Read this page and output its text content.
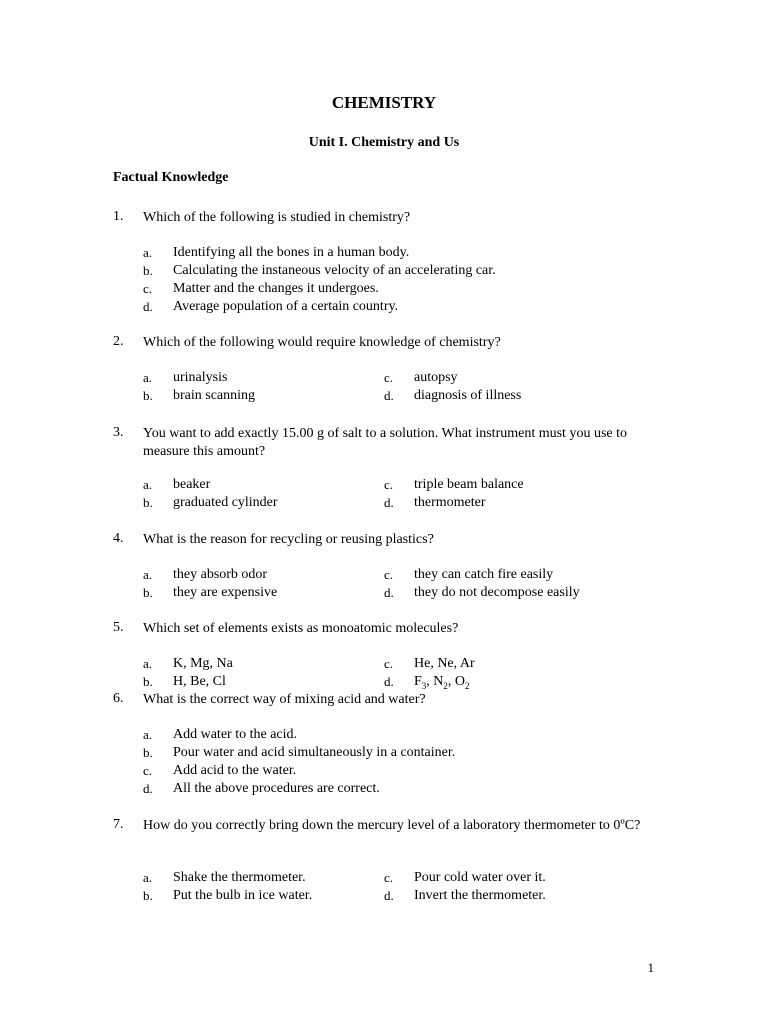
CHEMISTRY
Unit I. Chemistry and Us
Factual Knowledge
1. Which of the following is studied in chemistry?
a. Identifying all the bones in a human body.
b. Calculating the instaneous velocity of an accelerating car.
c. Matter and the changes it undergoes.
d. Average population of a certain country.
2. Which of the following would require knowledge of chemistry?
a. urinalysis
b. brain scanning
c. autopsy
d. diagnosis of illness
3. You want to add exactly 15.00 g of salt to a solution. What instrument must you use to measure this amount?
a. beaker
b. graduated cylinder
c. triple beam balance
d. thermometer
4. What is the reason for recycling or reusing plastics?
a. they absorb odor
b. they are expensive
c. they can catch fire easily
d. they do not decompose easily
5. Which set of elements exists as monoatomic molecules?
a. K, Mg, Na
b. H, Be, Cl
c. He, Ne, Ar
d. $F_3$, $N_2$, $O_2$
6. What is the correct way of mixing acid and water?
a. Add water to the acid.
b. Pour water and acid simultaneously in a container.
c. Add acid to the water.
d. All the above procedures are correct.
7. How do you correctly bring down the mercury level of a laboratory thermometer to 0ºC?
a. Shake the thermometer.
b. Put the bulb in ice water.
c. Pour cold water over it.
d. Invert the thermometer.
1
